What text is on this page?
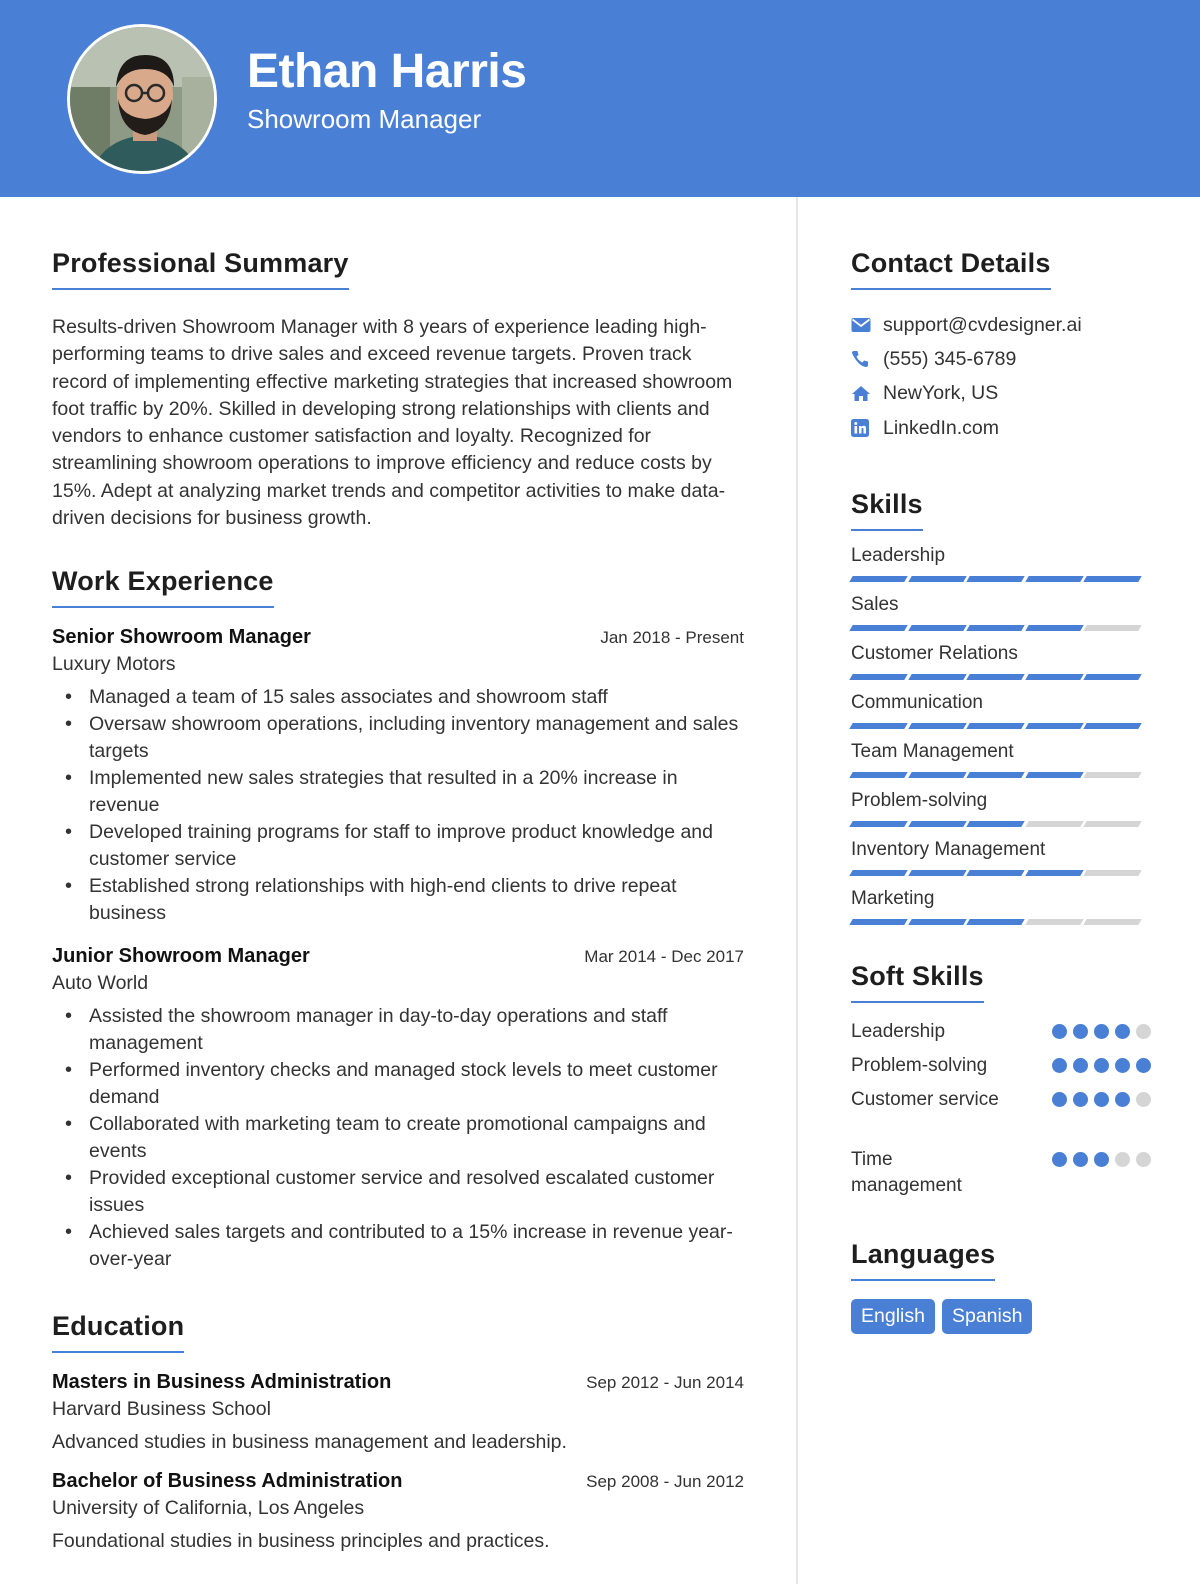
Ethan Harris
Showroom Manager
Professional Summary

Results-driven Showroom Manager with 8 years of experience leading high-performing teams to drive sales and exceed revenue targets. Proven track record of implementing effective marketing strategies that increased showroom foot traffic by 20%. Skilled in developing strong relationships with clients and vendors to enhance customer satisfaction and loyalty. Recognized for streamlining showroom operations to improve efficiency and reduce costs by 15%. Adept at analyzing market trends and competitor activities to make data-driven decisions for business growth.

Work Experience
Senior Showroom Manager	Jan 2018 - Present
Luxury Motors
• Managed a team of 15 sales associates and showroom staff
• Oversaw showroom operations, including inventory management and sales targets
• Implemented new sales strategies that resulted in a 20% increase in revenue
• Developed training programs for staff to improve product knowledge and customer service
• Established strong relationships with high-end clients to drive repeat business
Junior Showroom Manager	Mar 2014 - Dec 2017
Auto World
• Assisted the showroom manager in day-to-day operations and staff management
• Performed inventory checks and managed stock levels to meet customer demand
• Collaborated with marketing team to create promotional campaigns and events
• Provided exceptional customer service and resolved escalated customer issues
• Achieved sales targets and contributed to a 15% increase in revenue year-over-year
Education
Masters in Business Administration	Sep 2012 - Jun 2014
Harvard Business School
Advanced studies in business management and leadership.
Bachelor of Business Administration	Sep 2008 - Jun 2012
University of California, Los Angeles
Foundational studies in business principles and practices.
Contact Details
support@cvdesigner.ai
(555) 345-6789
NewYork, US
LinkedIn.com
Skills
Leadership
Sales
Customer Relations
Communication
Team Management
Problem-solving
Inventory Management
Marketing
Soft Skills
Leadership
Problem-solving
Customer service
Time management
Languages
English	Spanish
